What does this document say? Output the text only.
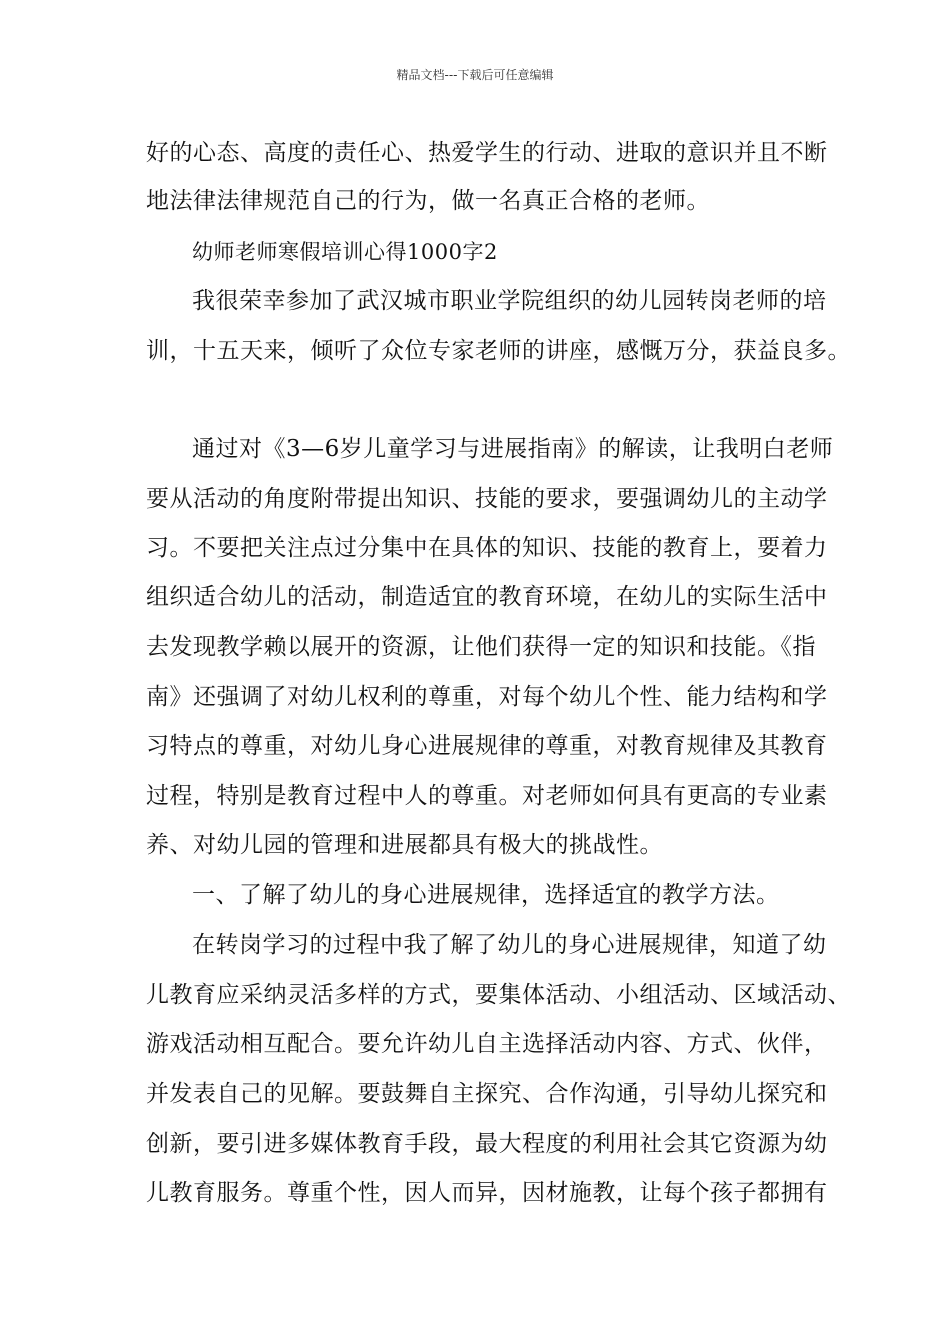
精品文档---下载后可任意编辑
好的心态、高度的责任心、热爱学生的行动、进取的意识并且不断
地法律法律规范自己的行为，做一名真正合格的老师。
幼师老师寒假培训心得1000字2
我很荣幸参加了武汉城市职业学院组织的幼儿园转岗老师的培
训，十五天来，倾听了众位专家老师的讲座，感慨万分，获益良多。
通过对《3—6岁儿童学习与进展指南》的解读，让我明白老师
要从活动的角度附带提出知识、技能的要求，要强调幼儿的主动学
习。不要把关注点过分集中在具体的知识、技能的教育上，要着力
组织适合幼儿的活动，制造适宜的教育环境，在幼儿的实际生活中
去发现教学赖以展开的资源，让他们获得一定的知识和技能。《指
南》还强调了对幼儿权利的尊重，对每个幼儿个性、能力结构和学
习特点的尊重，对幼儿身心进展规律的尊重，对教育规律及其教育
过程，特别是教育过程中人的尊重。对老师如何具有更高的专业素
养、对幼儿园的管理和进展都具有极大的挑战性。
一、了解了幼儿的身心进展规律，选择适宜的教学方法。
在转岗学习的过程中我了解了幼儿的身心进展规律，知道了幼
儿教育应采纳灵活多样的方式，要集体活动、小组活动、区域活动、
游戏活动相互配合。要允许幼儿自主选择活动内容、方式、伙伴，
并发表自己的见解。要鼓舞自主探究、合作沟通，引导幼儿探究和
创新，要引进多媒体教育手段，最大程度的利用社会其它资源为幼
儿教育服务。尊重个性，因人而异，因材施教，让每个孩子都拥有
